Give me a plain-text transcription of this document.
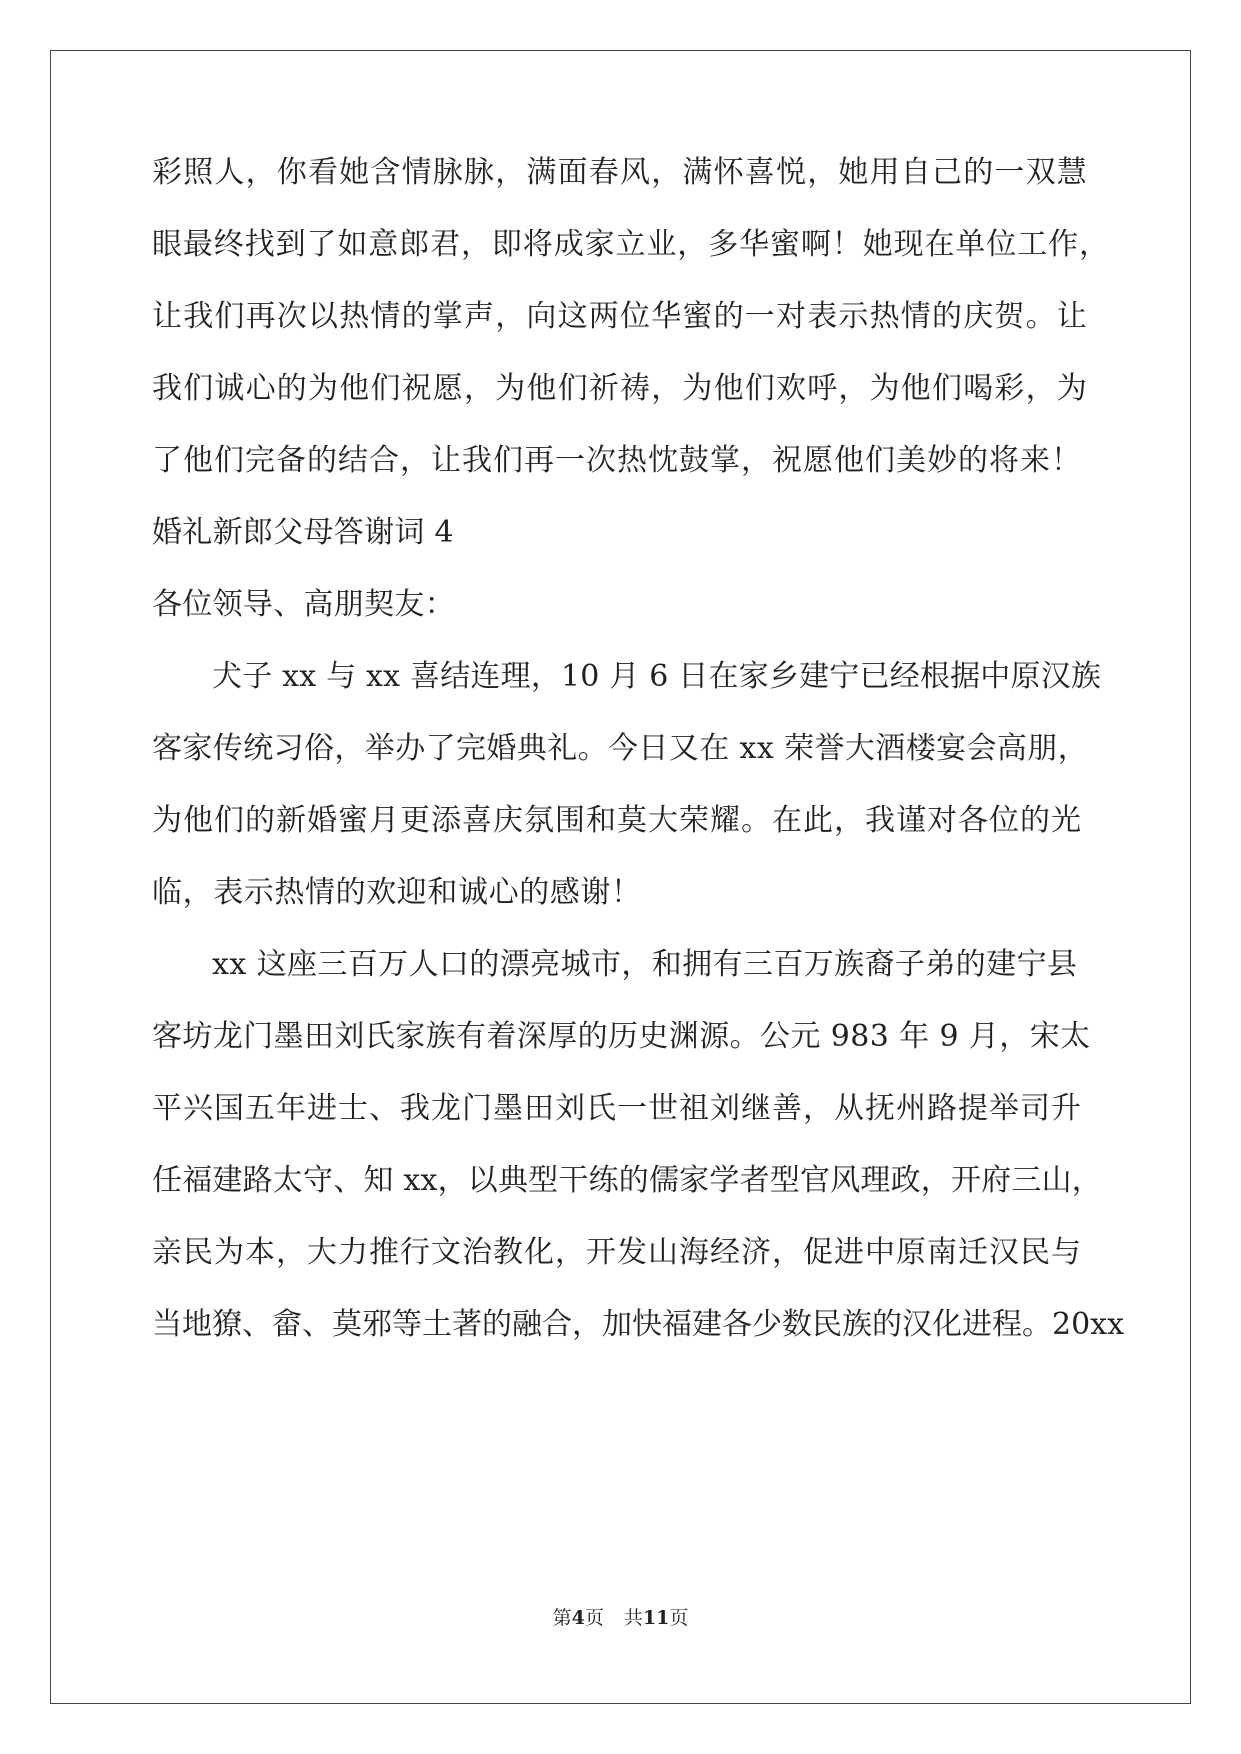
彩照人，你看她含情脉脉，满面春风，满怀喜悦，她用自己的一双慧
眼最终找到了如意郎君，即将成家立业，多华蜜啊！她现在单位工作，
让我们再次以热情的掌声，向这两位华蜜的一对表示热情的庆贺。让
我们诚心的为他们祝愿，为他们祈祷，为他们欢呼，为他们喝彩，为
了他们完备的结合，让我们再一次热忱鼓掌，祝愿他们美妙的将来！
婚礼新郎父母答谢词 4
各位领导、高朋契友：
犬子 xx 与 xx 喜结连理，10 月 6 日在家乡建宁已经根据中原汉族
客家传统习俗，举办了完婚典礼。今日又在 xx 荣誉大酒楼宴会高朋，
为他们的新婚蜜月更添喜庆氛围和莫大荣耀。在此，我谨对各位的光
临，表示热情的欢迎和诚心的感谢！
xx 这座三百万人口的漂亮城市，和拥有三百万族裔子弟的建宁县
客坊龙门墨田刘氏家族有着深厚的历史渊源。公元 983 年 9 月，宋太
平兴国五年进士、我龙门墨田刘氏一世祖刘继善，从抚州路提举司升
任福建路太守、知 xx，以典型干练的儒家学者型官风理政，开府三山，
亲民为本，大力推行文治教化，开发山海经济，促进中原南迁汉民与
当地獠、畲、莫邪等土著的融合，加快福建各少数民族的汉化进程。20xx
第4页 共11页
